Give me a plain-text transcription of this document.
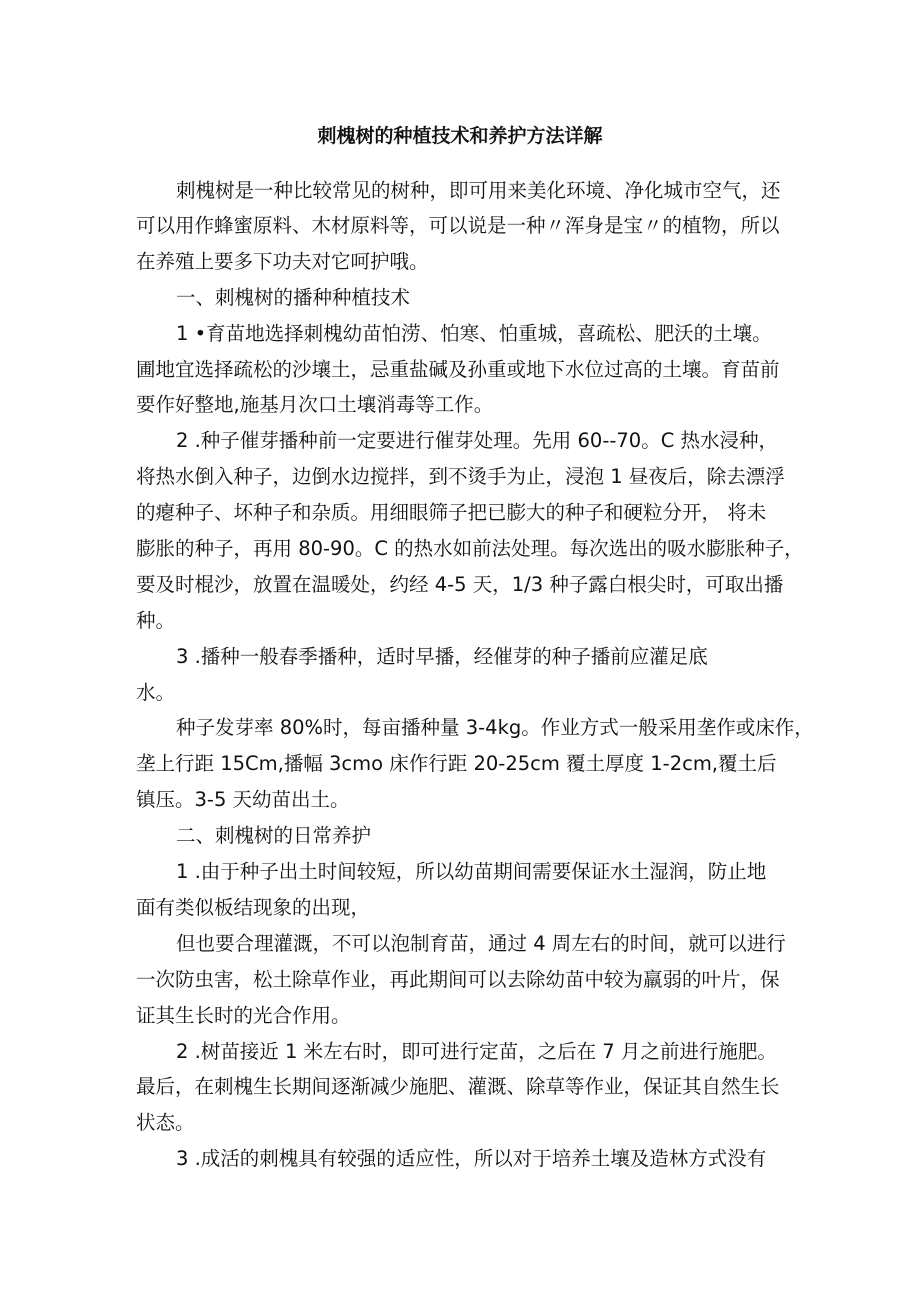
刺槐树的种植技术和养护方法详解

刺槐树是一种比较常见的树种，即可用来美化环境、净化城市空气，还

可以用作蜂蜜原料、木材原料等，可以说是一种〃浑身是宝〃的植物，所以

在养殖上要多下功夫对它呵护哦。

一、刺槐树的播种种植技术

1 •育苗地选择刺槐幼苗怕涝、怕寒、怕重城，喜疏松、肥沃的土壤。

圃地宜选择疏松的沙壤土，忌重盐碱及孙重或地下水位过高的土壤。育苗前

要作好整地,施基月次口土壤消毒等工作。

2 .种子催芽播种前一定要进行催芽处理。先用 60--70。C 热水浸种，

将热水倒入种子，边倒水边搅拌，到不烫手为止，浸泡 1 昼夜后，除去漂浮

的瘪种子、坏种子和杂质。用细眼筛子把已膨大的种子和硬粒分开， 将未

膨胀的种子，再用 80-90。C 的热水如前法处理。每次选出的吸水膨胀种子，

要及时棍沙，放置在温暖处，约经 4-5 天，1/3 种子露白根尖时，可取出播

种。

3 .播种一般春季播种，适时早播，经催芽的种子播前应灌足底

水。

种子发芽率 80%时，每亩播种量 3-4kg。作业方式一般采用垄作或床作，

垄上行距 15Cm,播幅 3cmo 床作行距 20-25cm 覆土厚度 1-2cm,覆土后

镇压。3-5 天幼苗出土。

二、刺槐树的日常养护

1 .由于种子出土时间较短，所以幼苗期间需要保证水土湿润，防止地

面有类似板结现象的出现，

但也要合理灌溉，不可以泡制育苗，通过 4 周左右的时间，就可以进行

一次防虫害，松土除草作业，再此期间可以去除幼苗中较为羸弱的叶片，保

证其生长时的光合作用。

2 .树苗接近 1 米左右时，即可进行定苗，之后在 7 月之前进行施肥。

最后，在刺槐生长期间逐渐减少施肥、灌溉、除草等作业，保证其自然生长

状态。

3 .成活的刺槐具有较强的适应性，所以对于培养土壤及造林方式没有
